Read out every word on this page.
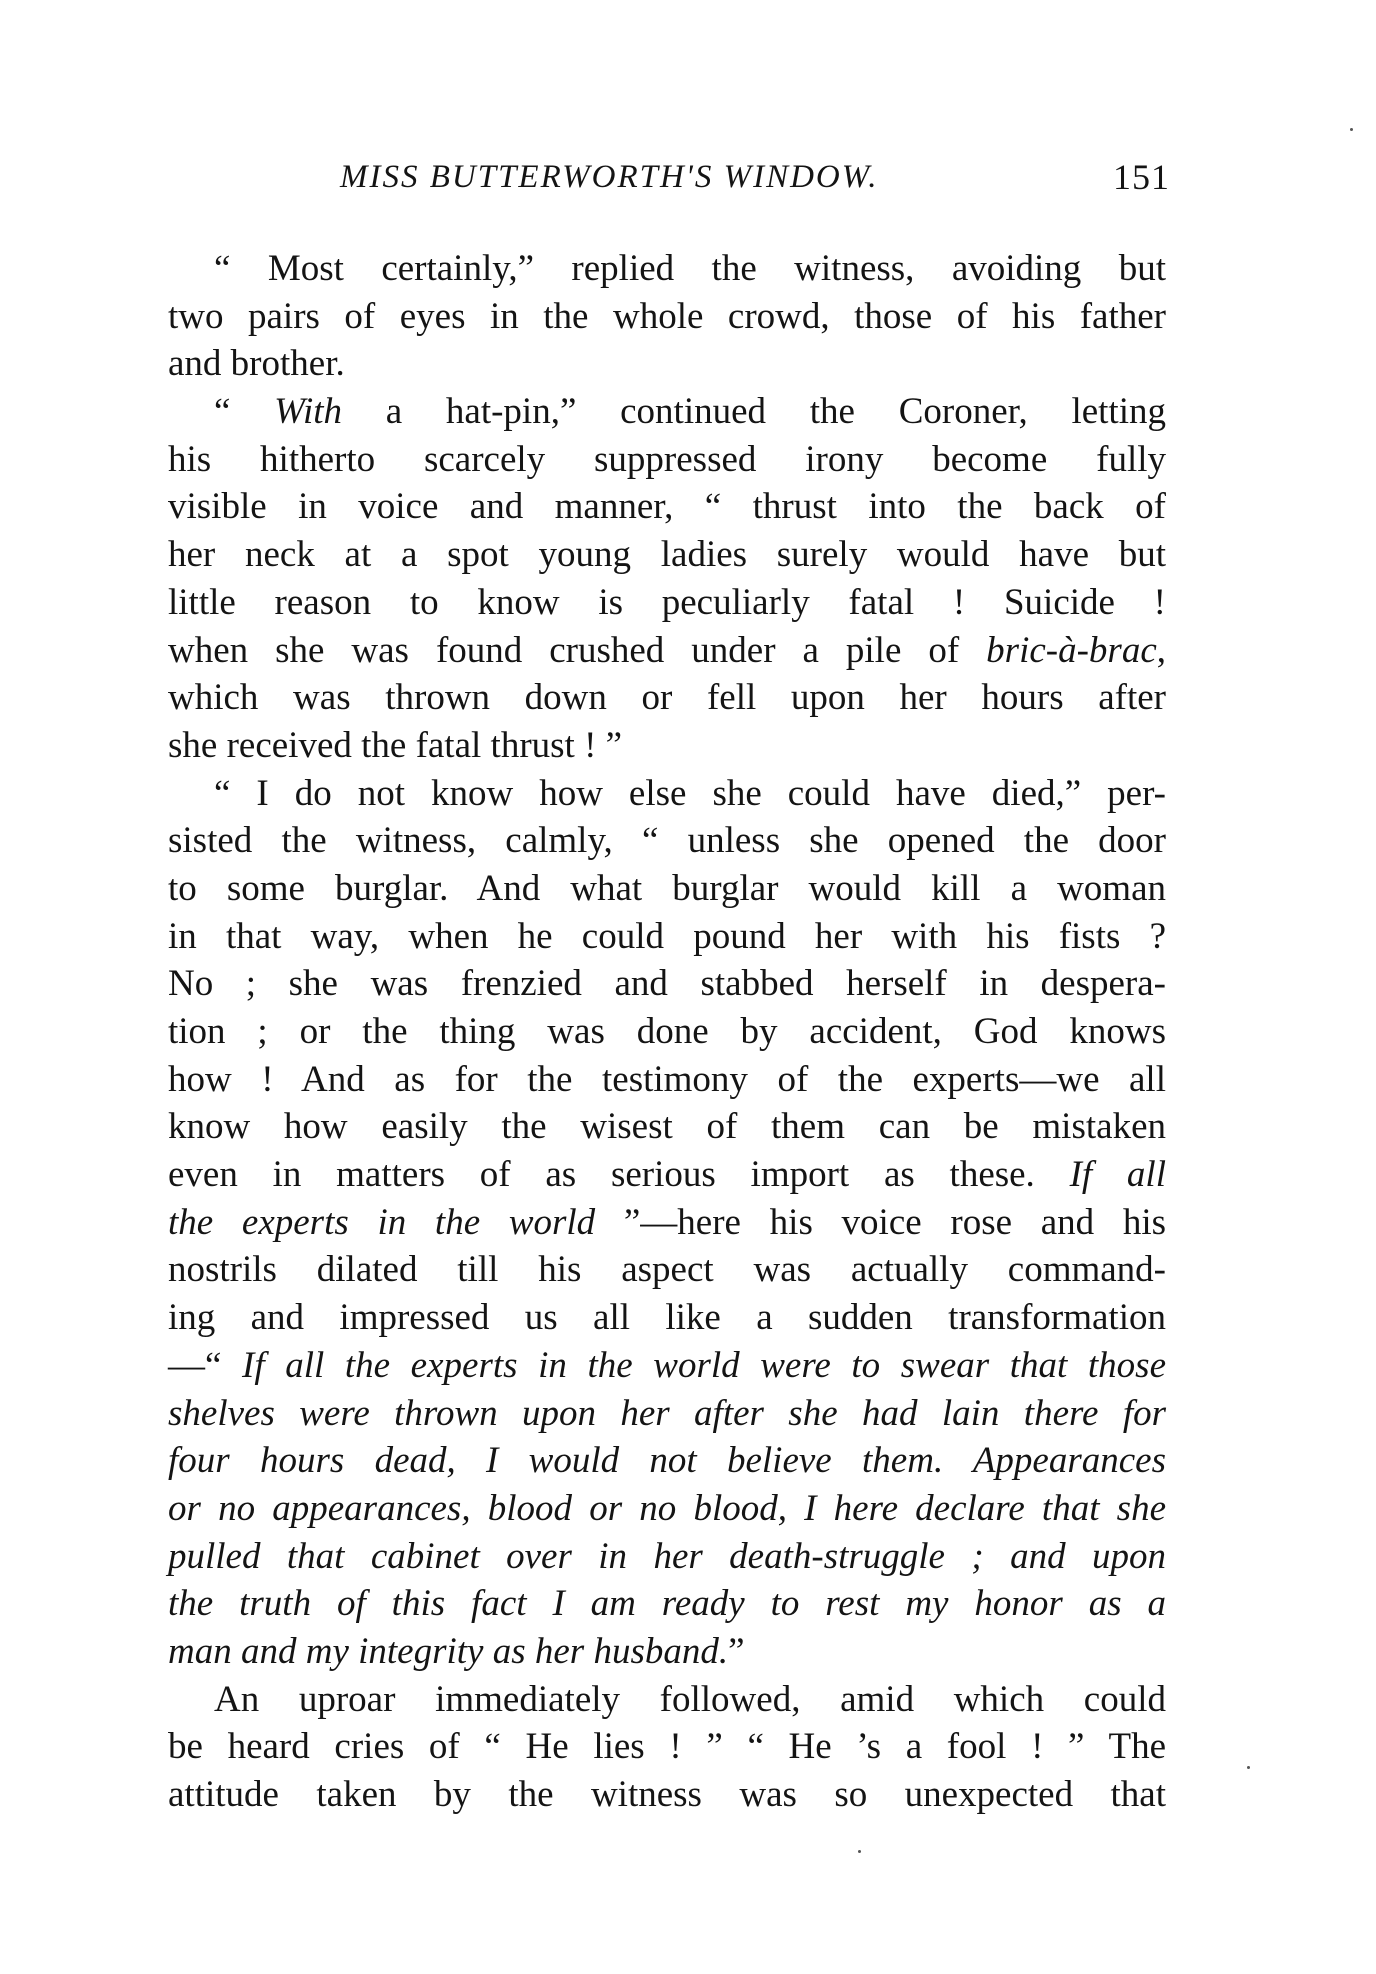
MISS BUTTERWORTH'S WINDOW.	151
“ Most certainly,” replied the witness, avoiding but
two pairs of eyes in the whole crowd, those of his father
and brother.
“ With a hat-pin,” continued the Coroner, letting
his hitherto scarcely suppressed irony become fully
visible in voice and manner, “ thrust into the back of
her neck at a spot young ladies surely would have but
little reason to know is peculiarly fatal ! Suicide !
when she was found crushed under a pile of bric-à-brac,
which was thrown down or fell upon her hours after
she received the fatal thrust ! ”
“ I do not know how else she could have died,” per-
sisted the witness, calmly, “ unless she opened the door
to some burglar. And what burglar would kill a woman
in that way, when he could pound her with his fists ?
No ; she was frenzied and stabbed herself in despera-
tion ; or the thing was done by accident, God knows
how ! And as for the testimony of the experts—we all
know how easily the wisest of them can be mistaken
even in matters of as serious import as these. If all
the experts in the world ”—here his voice rose and his
nostrils dilated till his aspect was actually command-
ing and impressed us all like a sudden transformation
—“ If all the experts in the world were to swear that those
shelves were thrown upon her after she had lain there for
four hours dead, I would not believe them. Appearances
or no appearances, blood or no blood, I here declare that she
pulled that cabinet over in her death-struggle ; and upon
the truth of this fact I am ready to rest my honor as a
man and my integrity as her husband.”
An uproar immediately followed, amid which could
be heard cries of “ He lies ! ” “ He ’s a fool ! ” The
attitude taken by the witness was so unexpected that
